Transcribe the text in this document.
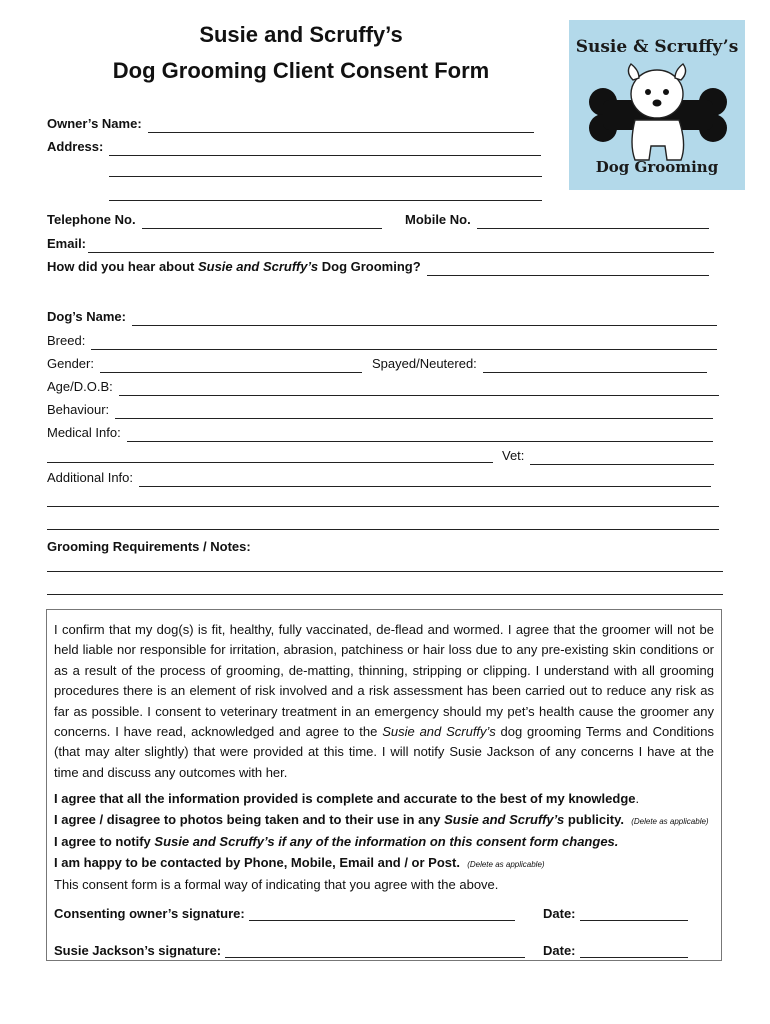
Susie and Scruffy’s
Dog Grooming Client Consent Form
Susie & Scruffy’s
Dog Grooming
Owner’s Name:
Address:
Telephone No.	Mobile No.
Email:
How did you hear about Susie and Scruffy’s Dog Grooming?
Dog’s Name:
Breed:
Gender:	Spayed/Neutered:
Age/D.O.B:
Behaviour:
Medical Info:
Vet:
Additional Info:
Grooming Requirements / Notes:

I confirm that my dog(s) is fit, healthy, fully vaccinated, de-flead and wormed. I agree that the groomer will not be held liable nor responsible for irritation, abrasion, patchiness or hair loss due to any pre-existing skin conditions or as a result of the process of grooming, de-matting, thinning, stripping or clipping. I understand with all grooming procedures there is an element of risk involved and a risk assessment has been carried out to reduce any risk as far as possible. I consent to veterinary treatment in an emergency should my pet’s health cause the groomer any concerns. I have read, acknowledged and agree to the Susie and Scruffy’s dog grooming Terms and Conditions (that may alter slightly) that were provided at this time. I will notify Susie Jackson of any concerns I have at the time and discuss any outcomes with her.

I agree that all the information provided is complete and accurate to the best of my knowledge.

I agree / disagree to photos being taken and to their use in any Susie and Scruffy’s publicity. (Delete as applicable)

I agree to notify Susie and Scruffy’s if any of the information on this consent form changes.

I am happy to be contacted by Phone, Mobile, Email and / or Post. (Delete as applicable)

This consent form is a formal way of indicating that you agree with the above.

Consenting owner’s signature:	Date:
Susie Jackson’s signature:	Date:
